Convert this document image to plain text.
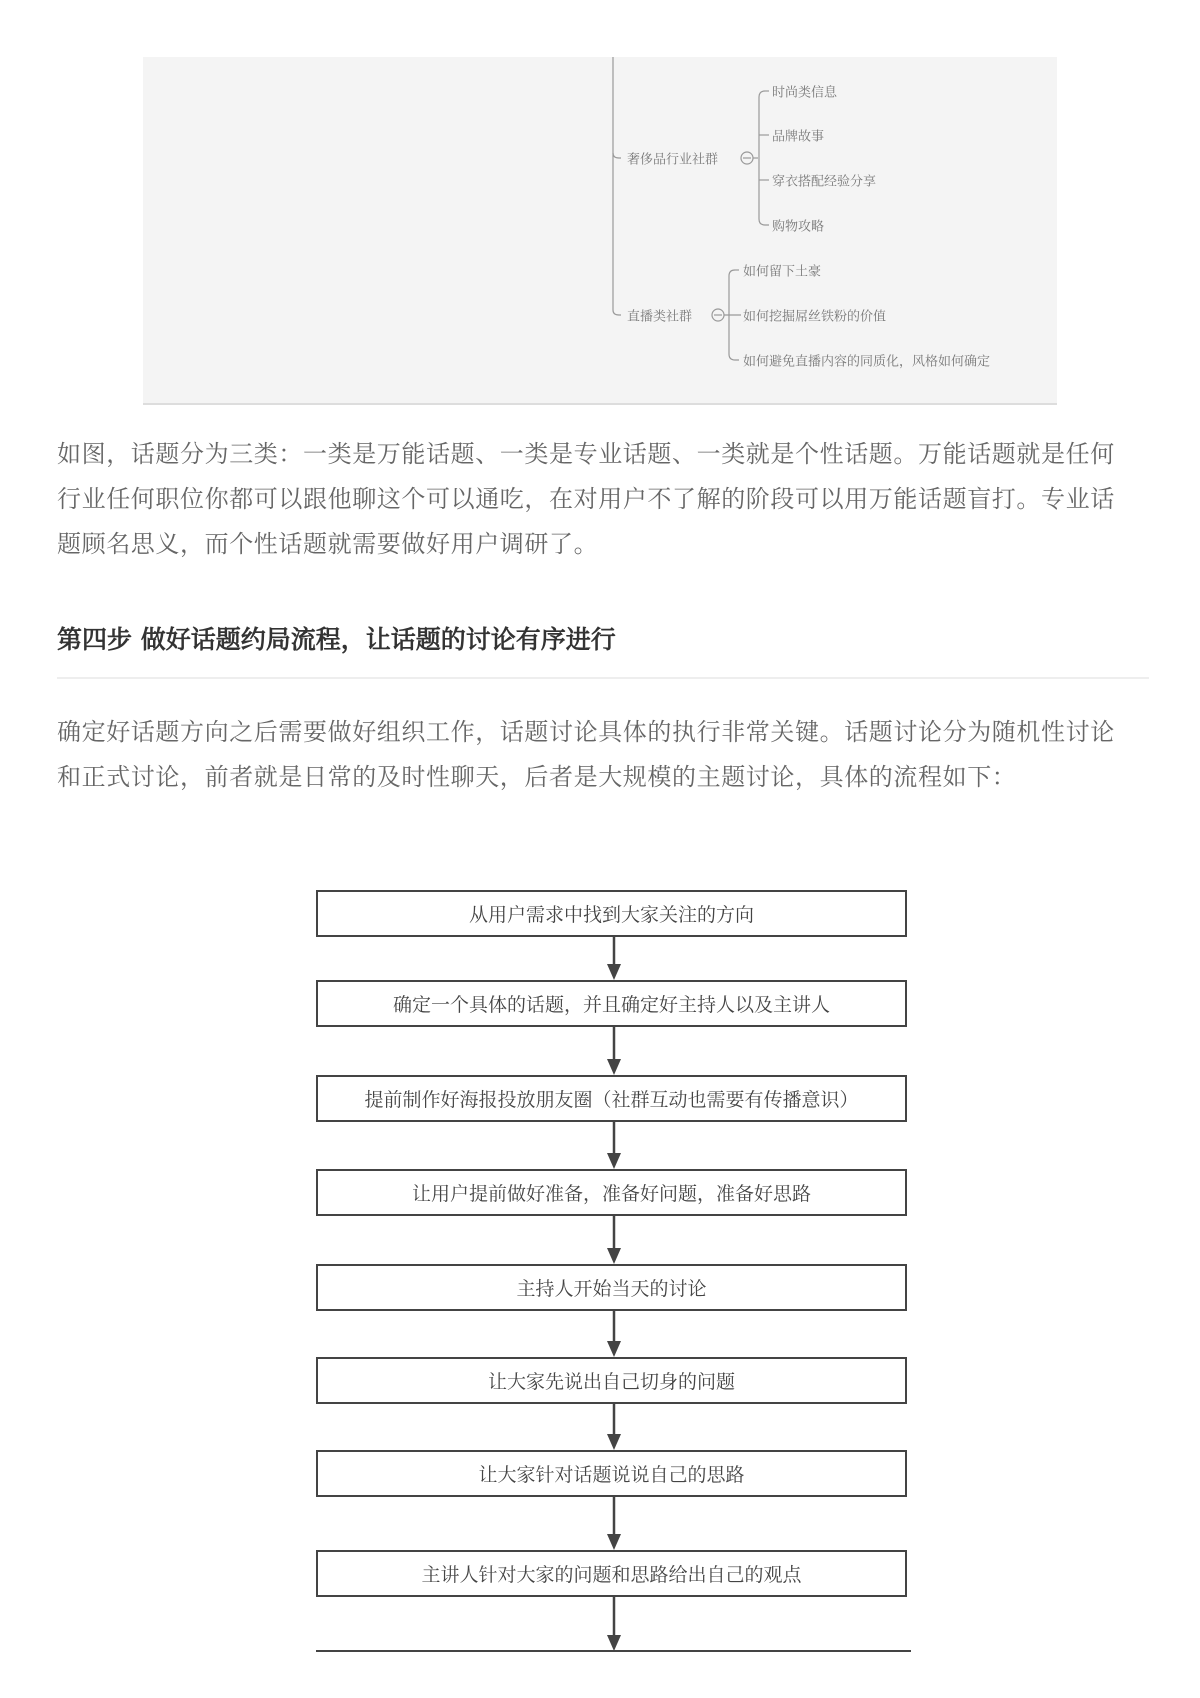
奢侈品行业社群
时尚类信息
品牌故事
穿衣搭配经验分享
购物攻略
直播类社群
如何留下土豪
如何挖掘屌丝铁粉的价值
如何避免直播内容的同质化，风格如何确定
如图，话题分为三类：一类是万能话题、一类是专业话题、一类就是个性话题。万能话题就是任何
行业任何职位你都可以跟他聊这个可以通吃，在对用户不了解的阶段可以用万能话题盲打。专业话
题顾名思义，而个性话题就需要做好用户调研了。
第四步 做好话题约局流程，让话题的讨论有序进行
确定好话题方向之后需要做好组织工作，话题讨论具体的执行非常关键。话题讨论分为随机性讨论
和正式讨论，前者就是日常的及时性聊天，后者是大规模的主题讨论，具体的流程如下：
从用户需求中找到大家关注的方向
确定一个具体的话题，并且确定好主持人以及主讲人
提前制作好海报投放朋友圈（社群互动也需要有传播意识）
让用户提前做好准备，准备好问题，准备好思路
主持人开始当天的讨论
让大家先说出自己切身的问题
让大家针对话题说说自己的思路
主讲人针对大家的问题和思路给出自己的观点
